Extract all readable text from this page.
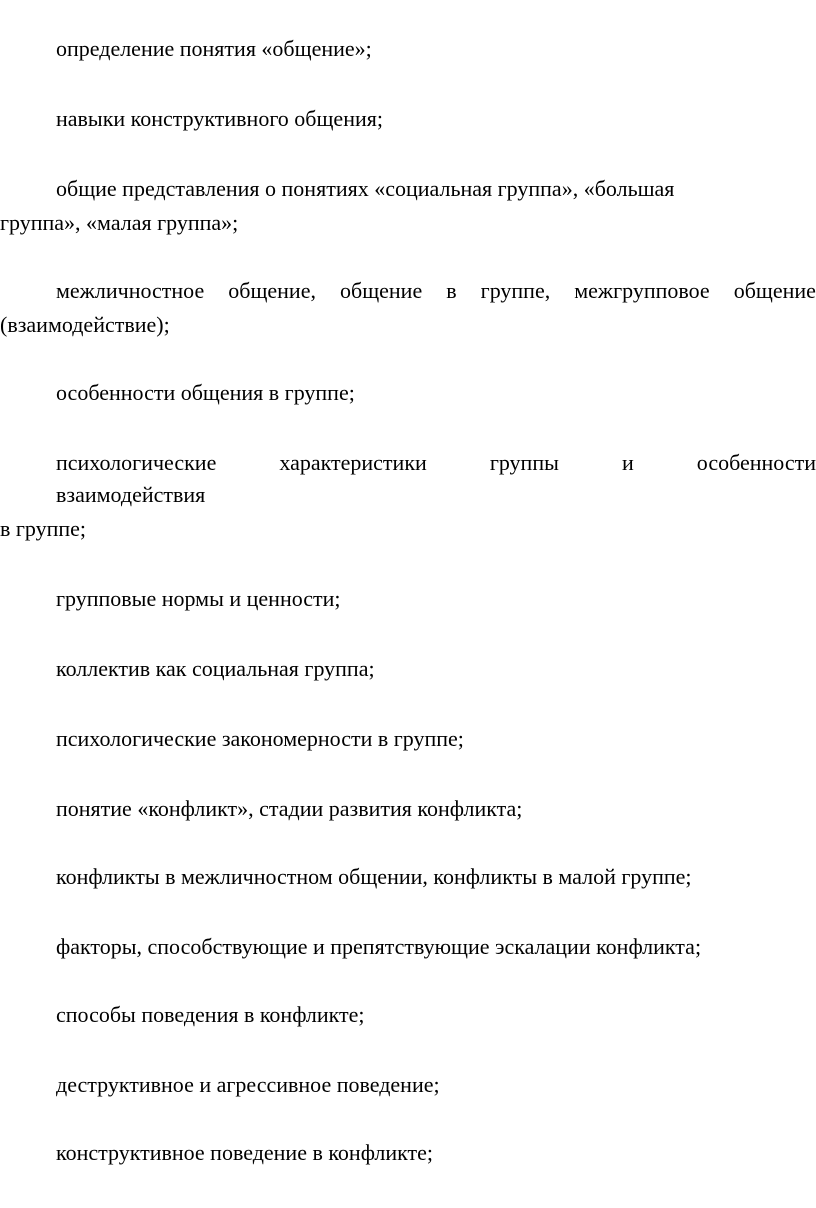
определение понятия «общение»;
навыки конструктивного общения;
общие представления о понятиях «социальная группа», «большая
группа», «малая группа»;
межличностное общение, общение в группе, межгрупповое общение
(взаимодействие);
особенности общения в группе;
психологические	характеристики	группы	и	особенности
взаимодействия
в группе;
групповые нормы и ценности;
коллектив как социальная группа;
психологические закономерности в группе;
понятие «конфликт», стадии развития конфликта;
конфликты в межличностном общении, конфликты в малой группе;
факторы, способствующие и препятствующие эскалации конфликта;
способы поведения в конфликте;
деструктивное и агрессивное поведение;
конструктивное поведение в конфликте;
